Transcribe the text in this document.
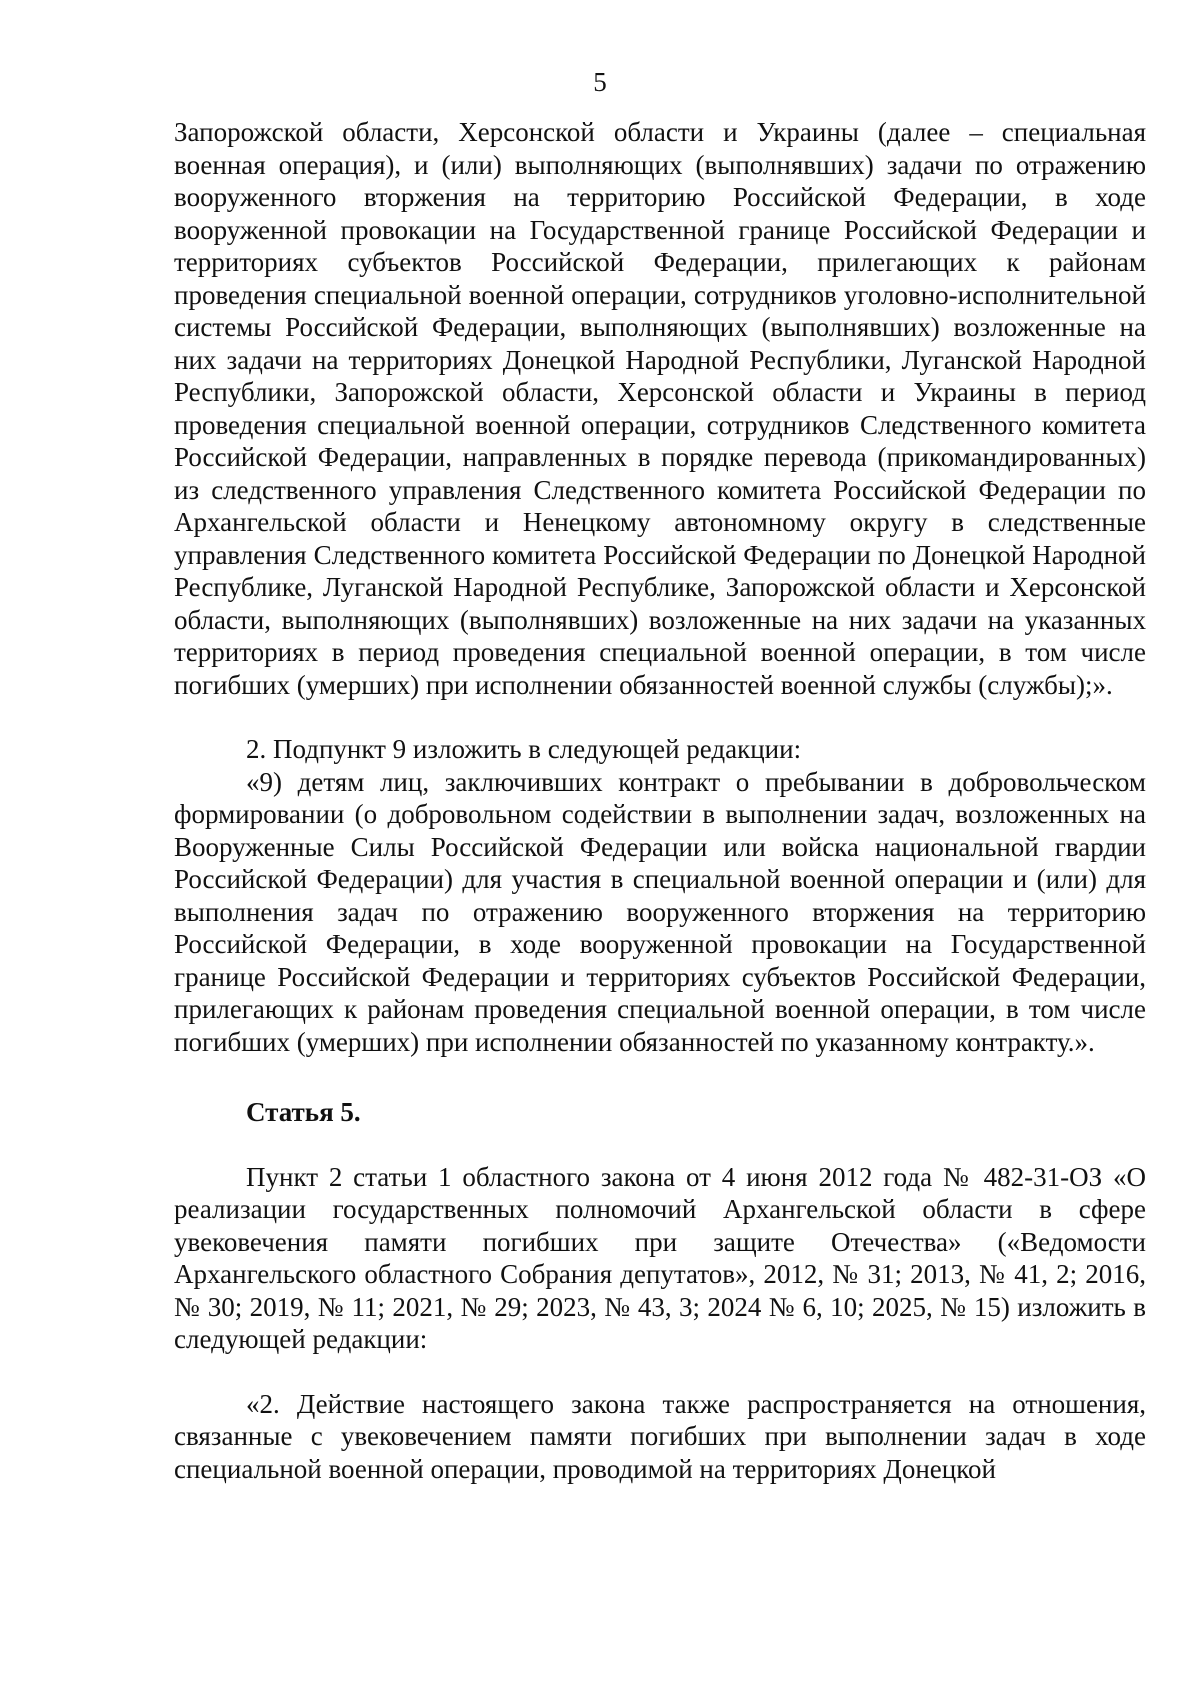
5

Запорожской области, Херсонской области и Украины (далее – специальная военная операция), и (или) выполняющих (выполнявших) задачи по отражению вооруженного вторжения на территорию Российской Федерации, в ходе вооруженной провокации на Государственной границе Российской Федерации и территориях субъектов Российской Федерации, прилегающих к районам проведения специальной военной операции, сотрудников уголовно-исполнительной системы Российской Федерации, выполняющих (выполнявших) возложенные на них задачи на территориях Донецкой Народной Республики, Луганской Народной Республики, Запорожской области, Херсонской области и Украины в период проведения специальной военной операции, сотрудников Следственного комитета Российской Федерации, направленных в порядке перевода (прикомандированных) из следственного управления Следственного комитета Российской Федерации по Архангельской области и Ненецкому автономному округу в следственные управления Следственного комитета Российской Федерации по Донецкой Народной Республике, Луганской Народной Республике, Запорожской области и Херсонской области, выполняющих (выполнявших) возложенные на них задачи на указанных территориях в период проведения специальной военной операции, в том числе погибших (умерших) при исполнении обязанностей военной службы (службы);».

2. Подпункт 9 изложить в следующей редакции:

«9) детям лиц, заключивших контракт о пребывании в добровольческом формировании (о добровольном содействии в выполнении задач, возложенных на Вооруженные Силы Российской Федерации или войска национальной гвардии Российской Федерации) для участия в специальной военной операции и (или) для выполнения задач по отражению вооруженного вторжения на территорию Российской Федерации, в ходе вооруженной провокации на Государственной границе Российской Федерации и территориях субъектов Российской Федерации, прилегающих к районам проведения специальной военной операции, в том числе погибших (умерших) при исполнении обязанностей по указанному контракту.».

Статья 5.

Пункт 2 статьи 1 областного закона от 4 июня 2012 года № 482-31-ОЗ «О реализации государственных полномочий Архангельской области в сфере увековечения памяти погибших при защите Отечества» («Ведомости Архангельского областного Собрания депутатов», 2012, № 31; 2013, № 41, 2; 2016, № 30; 2019, № 11; 2021, № 29; 2023, № 43, 3; 2024 № 6, 10; 2025, № 15) изложить в следующей редакции:

«2. Действие настоящего закона также распространяется на отношения, связанные с увековечением памяти погибших при выполнении задач в ходе специальной военной операции, проводимой на территориях Донецкой
